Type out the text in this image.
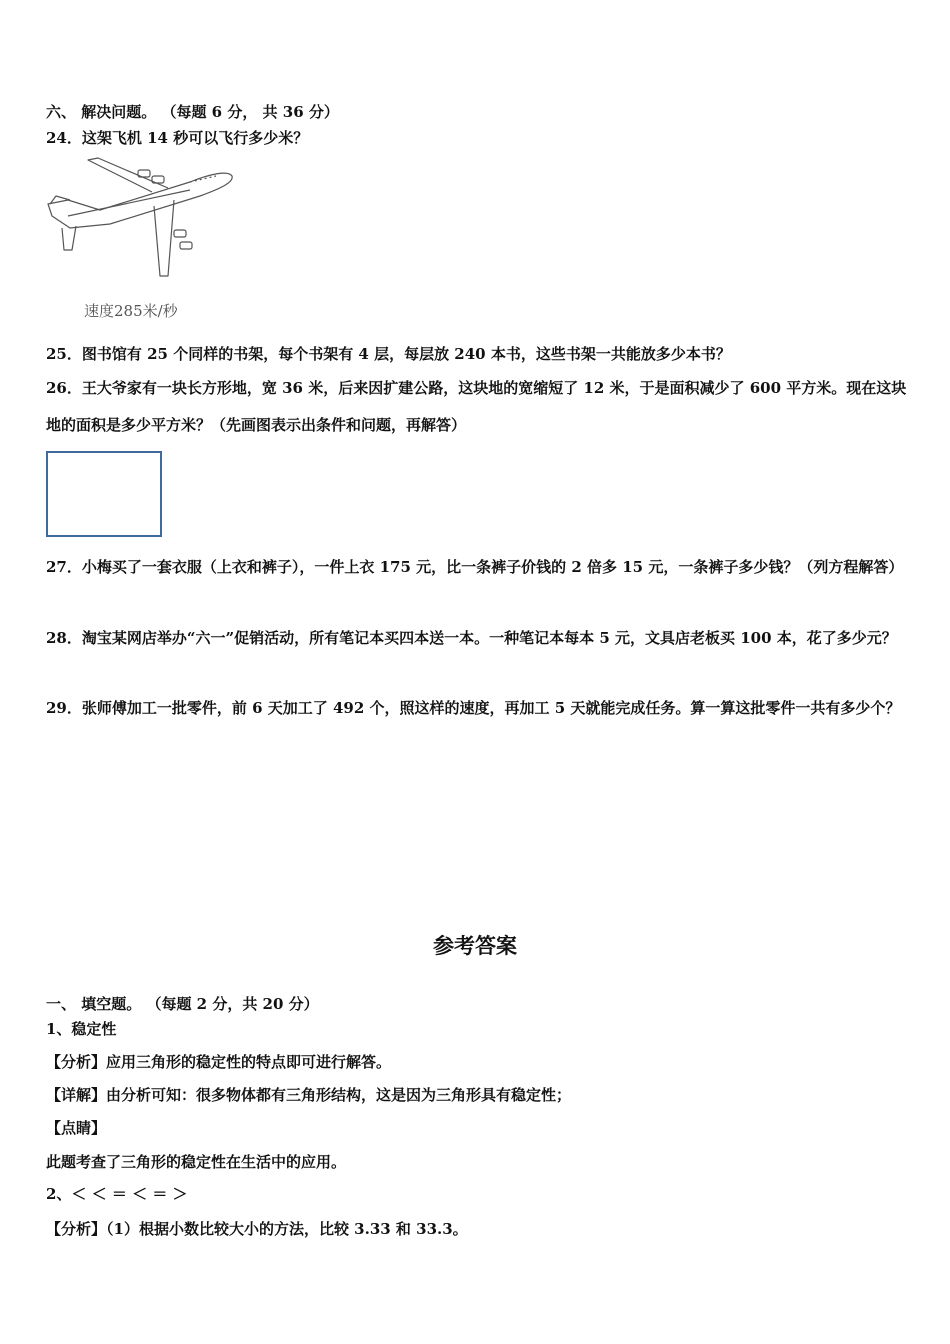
六、 解决问题。 （每题 6 分， 共 36 分）
24．这架飞机 14 秒可以飞行多少米？
速度285米/秒
25．图书馆有 25 个同样的书架，每个书架有 4 层，每层放 240 本书，这些书架一共能放多少本书？
26．王大爷家有一块长方形地，宽 36 米，后来因扩建公路，这块地的宽缩短了 12 米，于是面积减少了 600 平方米。现在这块地的面积是多少平方米？（先画图表示出条件和问题，再解答）
27．小梅买了一套衣服（上衣和裤子），一件上衣 175 元，比一条裤子价钱的 2 倍多 15 元，一条裤子多少钱？（列方程解答）
28．淘宝某网店举办“六一”促销活动，所有笔记本买四本送一本。一种笔记本每本 5 元，文具店老板买 100 本，花了多少元？
29．张师傅加工一批零件，前 6 天加工了 492 个，照这样的速度，再加工 5 天就能完成任务。算一算这批零件一共有多少个？
参考答案
一、 填空题。 （每题 2 分，共 20 分）
1、稳定性
【分析】应用三角形的稳定性的特点即可进行解答。
【详解】由分析可知：很多物体都有三角形结构，这是因为三角形具有稳定性；
【点睛】
此题考查了三角形的稳定性在生活中的应用。
2、＜ ＜ ＝ ＜ ＝ ＞
【分析】（1）根据小数比较大小的方法，比较 3.33 和 33.3。
